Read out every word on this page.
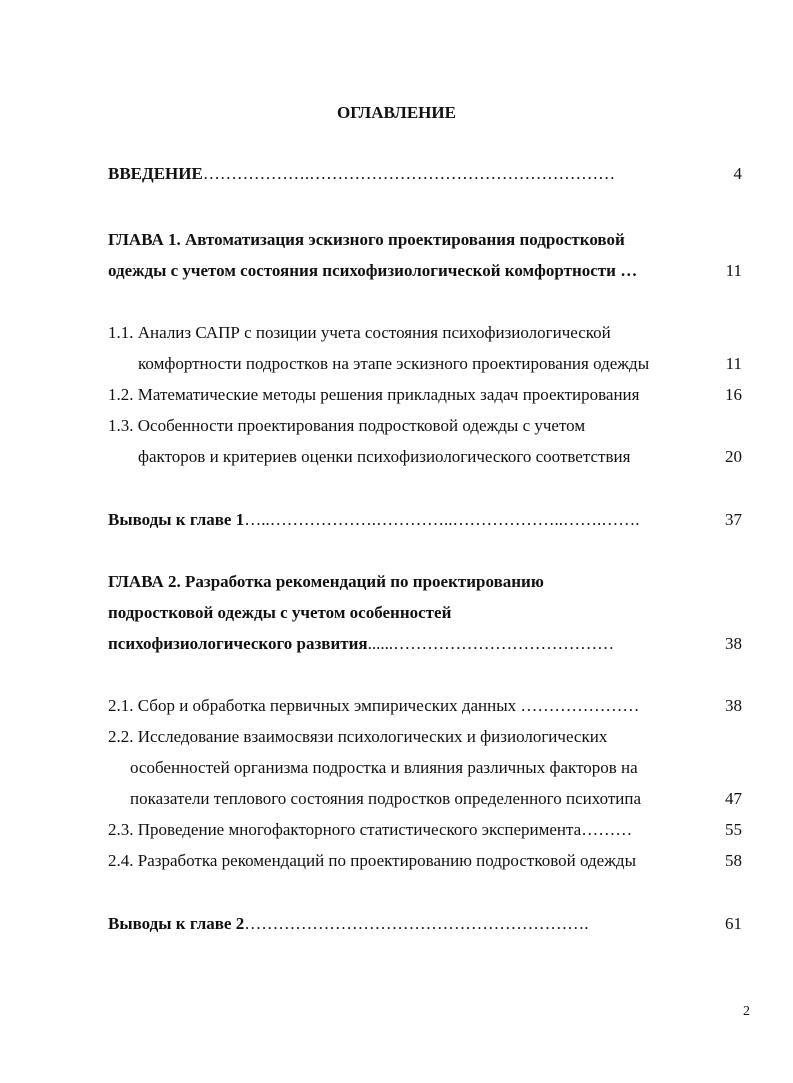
ОГЛАВЛЕНИЕ
ВВЕДЕНИЕ……………….………………………………………………	4
ГЛАВА 1. Автоматизация эскизного проектирования подростковой
одежды с учетом состояния психофизиологической комфортности …	11
1.1. Анализ САПР с позиции учета состояния психофизиологической
комфортности подростков на этапе эскизного проектирования одежды	11
1.2. Математические методы решения прикладных задач проектирования	16
1.3. Особенности проектирования подростковой одежды с учетом
факторов и критериев оценки психофизиологического соответствия	20
Выводы к главе 1…..……………….…………..………………..…….…….	37
ГЛАВА 2. Разработка рекомендаций по проектированию
подростковой одежды с учетом особенностей
психофизиологического развития......…………………………………	38
2.1. Сбор и обработка первичных эмпирических данных …………………	38
2.2. Исследование взаимосвязи психологических и физиологических
особенностей организма подростка и влияния различных факторов на
показатели теплового состояния подростков определенного психотипа	47
2.3. Проведение многофакторного статистического эксперимента………	55
2.4. Разработка рекомендаций по проектированию подростковой одежды	58
Выводы к главе 2…………………………………………………….	61
2
